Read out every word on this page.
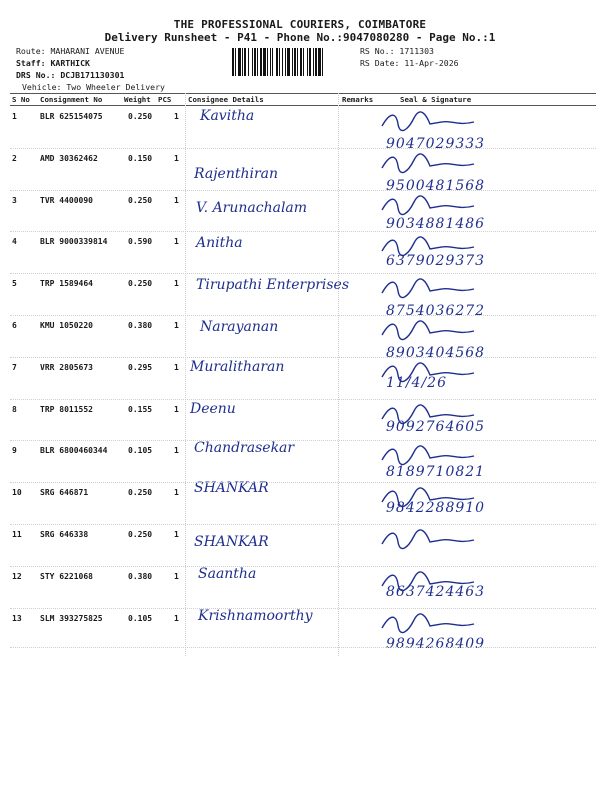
THE PROFESSIONAL COURIERS, COIMBATORE
Delivery Runsheet - P41 - Phone No.:9047080280 - Page No.:1
Route: MAHARANI AVENUE
Staff: KARTHICK
DRS No.: DCJB171130301
Vehicle: Two Wheeler Delivery
RS No.: 1711303
RS Date: 11-Apr-2026
S No Consignment No	Weight PCS Consignee Details	Remarks	Seal & Signature
1	BLR 625154075	0.250	1 Kavitha
9047029333
2	AMD 30362462	0.150	1
Rajenthiran
9500481568
3	TVR 4400090	0.250	1 V. Arunachalam
9034881486
4	BLR 9000339814	0.590	1 Anitha
6379029373
5	TRP 1589464	0.250	1 Tirupathi Enterprises
8754036272
6	KMU 1050220	0.380	1 Narayanan
8903404568
7	VRR 2805673	0.295	1 Muralitharan
11/4/26
8	TRP 8011552	0.155	1 Deenu
9092764605
9	BLR 6800460344	0.105	1 Chandrasekar
8189710821
10 SRG 646871	0.250	1 SHANKAR
9842288910
11 SRG 646338	0.250	1 SHANKAR
12 STY 6221068	0.380	1 Saantha
8637424463
13 SLM 393275825	0.105	1 Krishnamoorthy
9894268409
